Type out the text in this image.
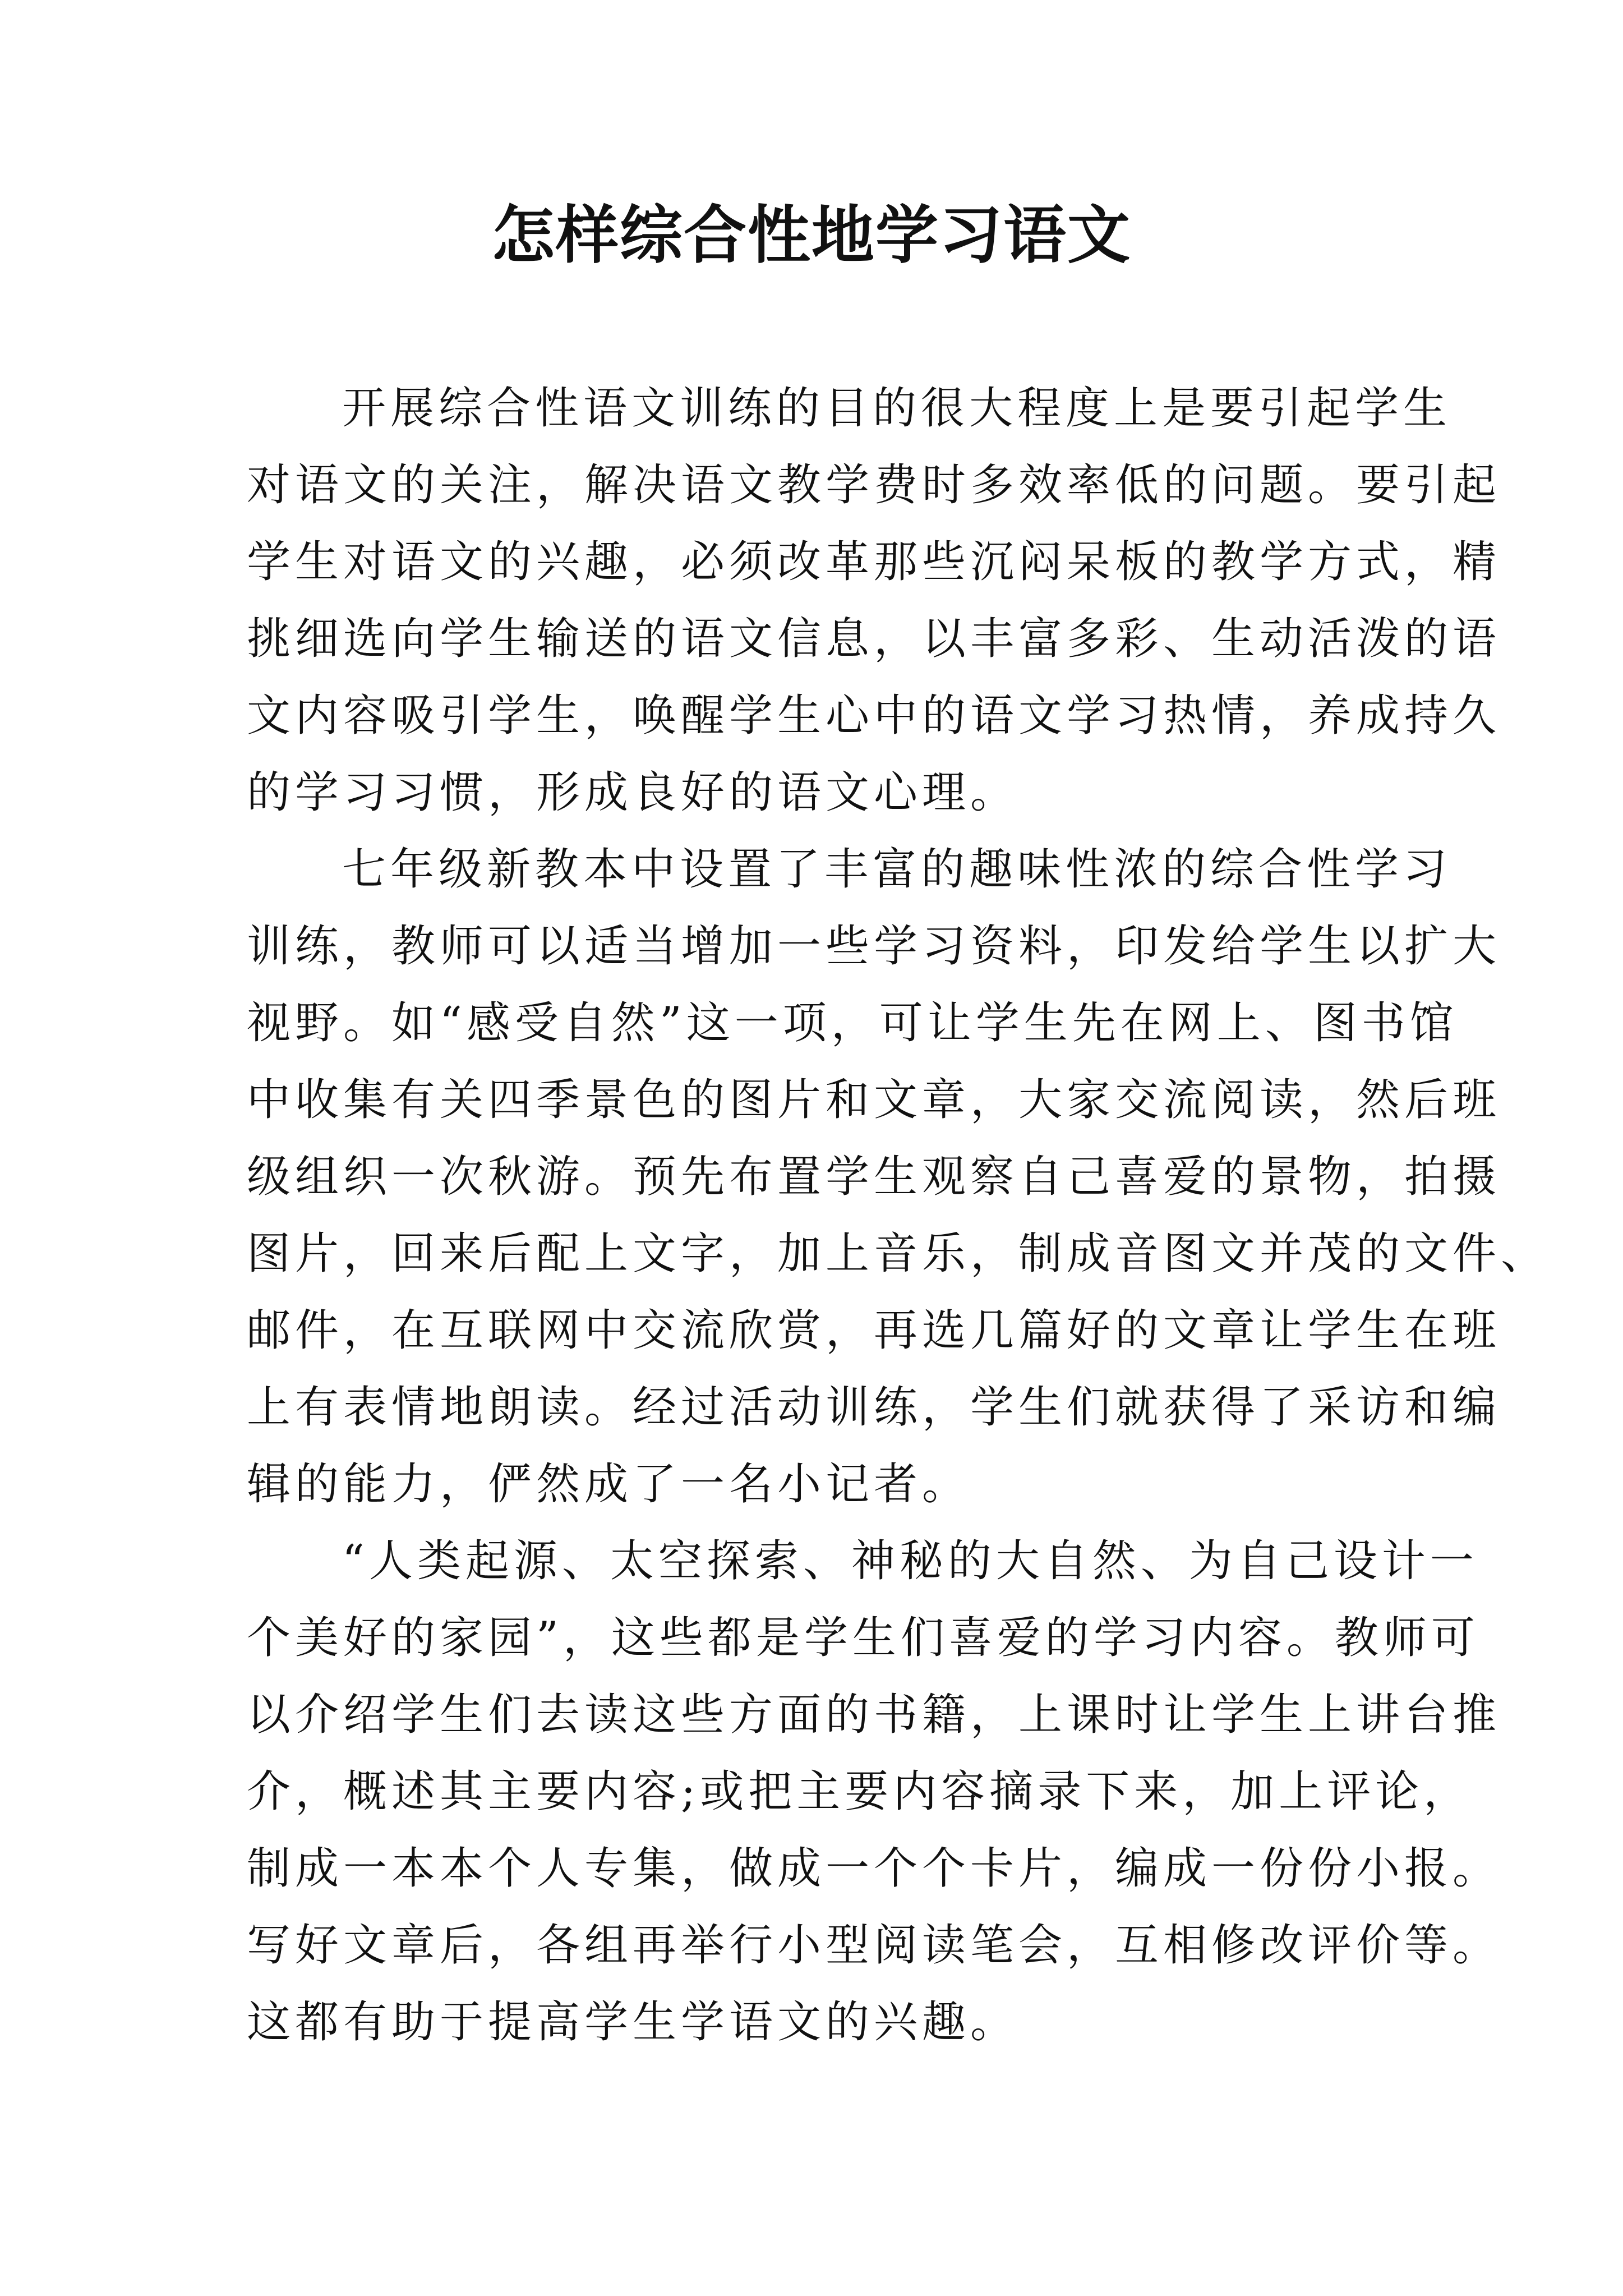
怎样综合性地学习语文
开展综合性语文训练的目的很大程度上是要引起学生
对语文的关注，解决语文教学费时多效率低的问题。要引起
学生对语文的兴趣，必须改革那些沉闷呆板的教学方式，精
挑细选向学生输送的语文信息，以丰富多彩、生动活泼的语
文内容吸引学生，唤醒学生心中的语文学习热情，养成持久
的学习习惯，形成良好的语文心理。
七年级新教本中设置了丰富的趣味性浓的综合性学习
训练，教师可以适当增加一些学习资料，印发给学生以扩大
视野。如“感受自然”这一项，可让学生先在网上、图书馆
中收集有关四季景色的图片和文章，大家交流阅读，然后班
级组织一次秋游。预先布置学生观察自己喜爱的景物，拍摄
图片，回来后配上文字，加上音乐，制成音图文并茂的文件、
邮件，在互联网中交流欣赏，再选几篇好的文章让学生在班
上有表情地朗读。经过活动训练，学生们就获得了采访和编
辑的能力，俨然成了一名小记者。
“人类起源、太空探索、神秘的大自然、为自己设计一
个美好的家园”，这些都是学生们喜爱的学习内容。教师可
以介绍学生们去读这些方面的书籍，上课时让学生上讲台推
介，概述其主要内容;或把主要内容摘录下来，加上评论，
制成一本本个人专集，做成一个个卡片，编成一份份小报。
写好文章后，各组再举行小型阅读笔会，互相修改评价等。
这都有助于提高学生学语文的兴趣。
